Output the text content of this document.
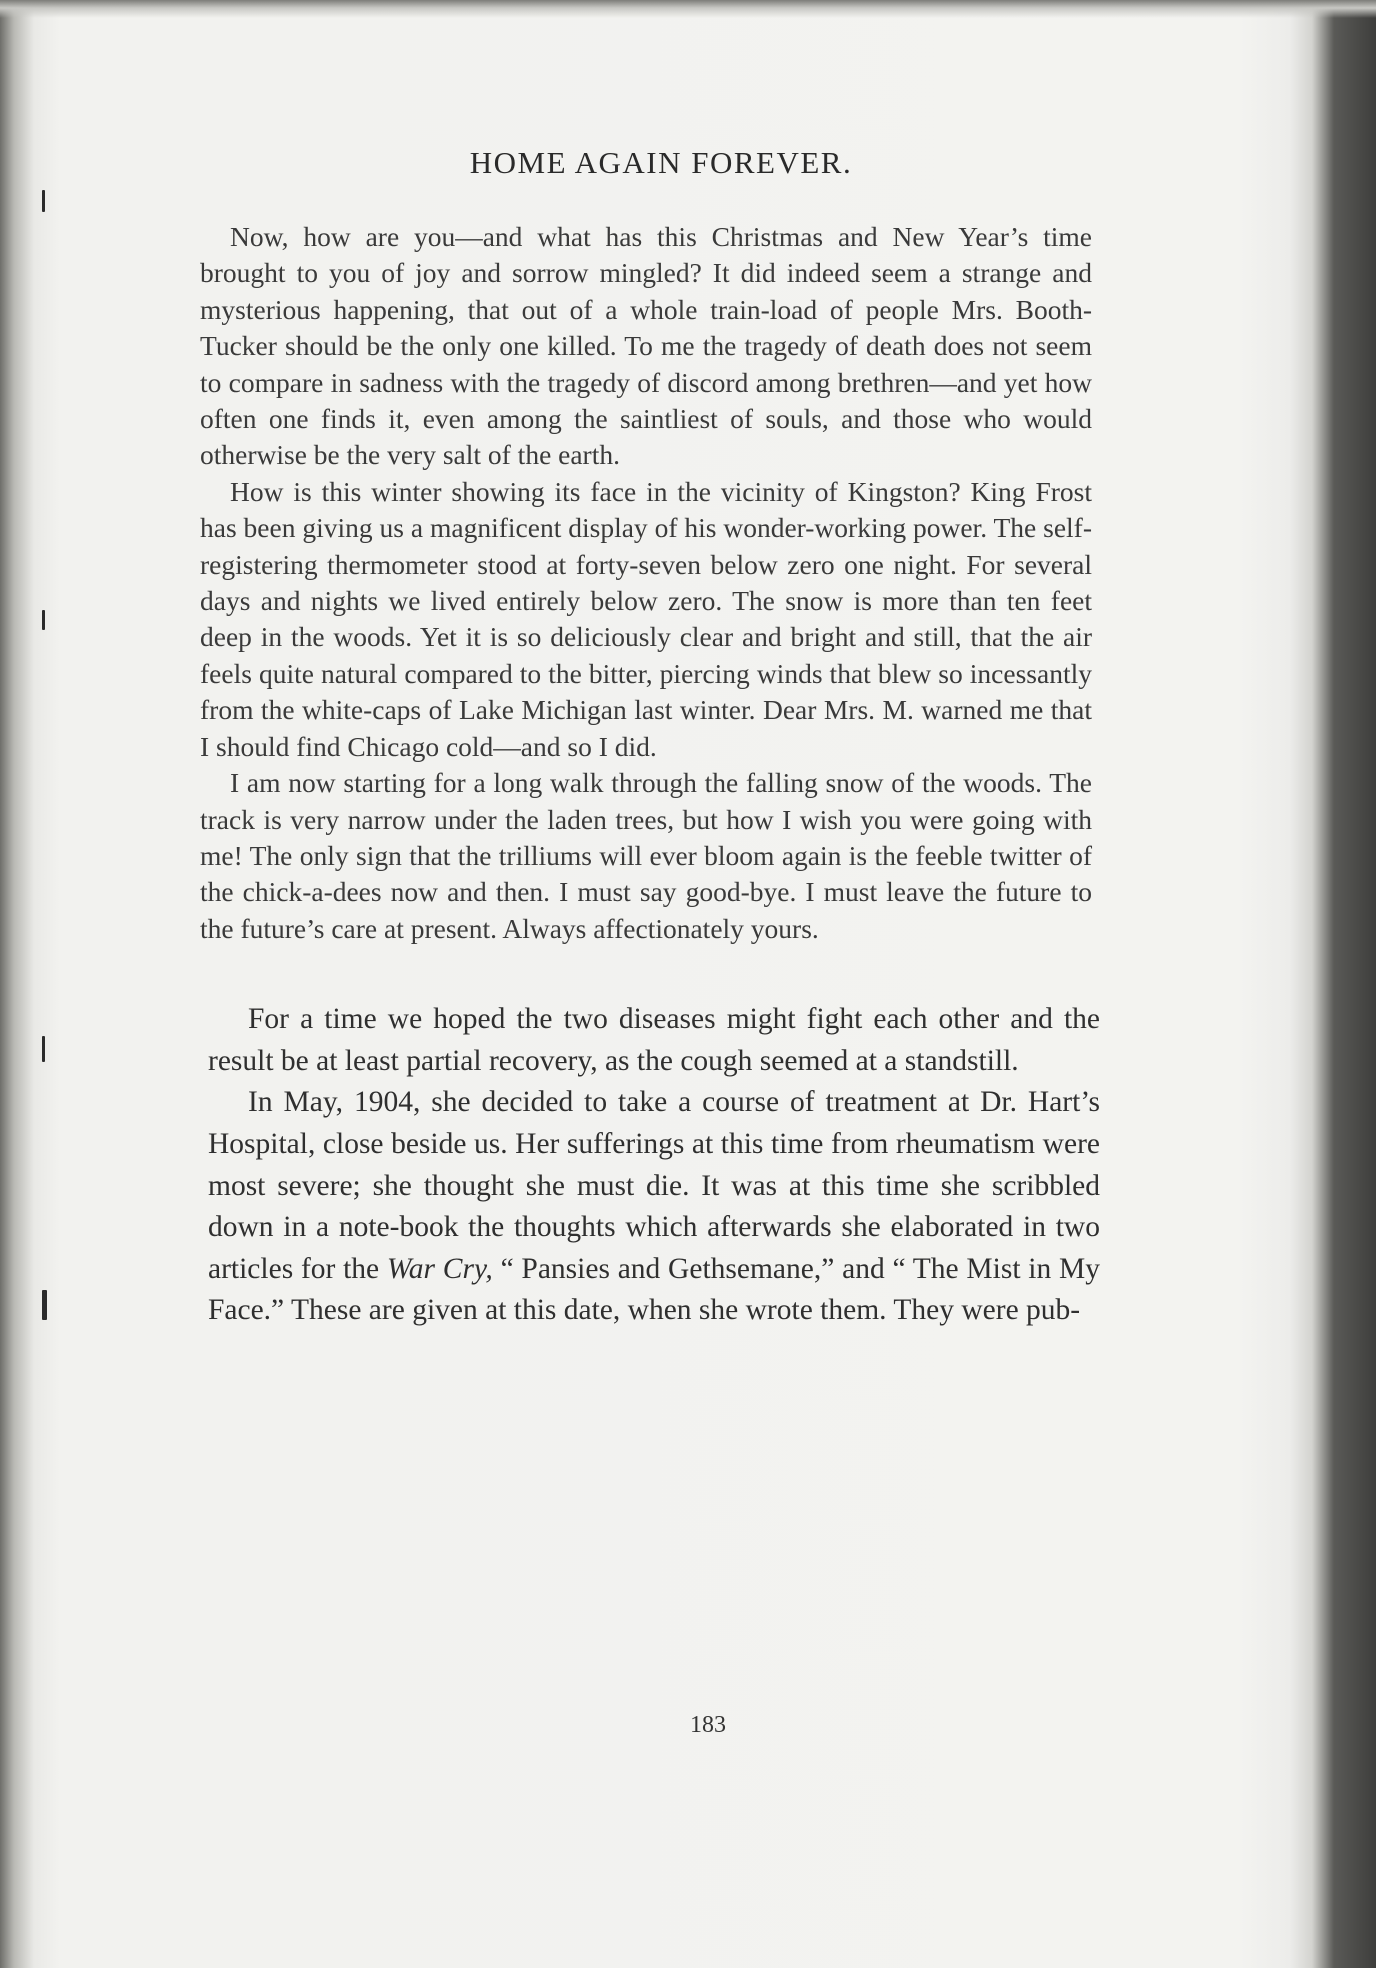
HOME AGAIN FOREVER.

Now, how are you—and what has this Christmas and New Year’s time brought to you of joy and sorrow mingled? It did indeed seem a strange and mysterious happening, that out of a whole train-load of people Mrs. Booth-Tucker should be the only one killed. To me the tragedy of death does not seem to compare in sadness with the tragedy of discord among brethren—and yet how often one finds it, even among the saintliest of souls, and those who would otherwise be the very salt of the earth.

How is this winter showing its face in the vicinity of Kingston? King Frost has been giving us a magnificent display of his wonder-working power. The self-registering thermometer stood at forty-seven below zero one night. For several days and nights we lived entirely below zero. The snow is more than ten feet deep in the woods. Yet it is so deliciously clear and bright and still, that the air feels quite natural compared to the bitter, piercing winds that blew so incessantly from the white-caps of Lake Michigan last winter. Dear Mrs. M. warned me that I should find Chicago cold—and so I did.

I am now starting for a long walk through the falling snow of the woods. The track is very narrow under the laden trees, but how I wish you were going with me! The only sign that the trilliums will ever bloom again is the feeble twitter of the chick-a-dees now and then. I must say good-bye. I must leave the future to the future’s care at present. Always affectionately yours.

For a time we hoped the two diseases might fight each other and the result be at least partial recovery, as the cough seemed at a standstill.

In May, 1904, she decided to take a course of treatment at Dr. Hart’s Hospital, close beside us. Her sufferings at this time from rheumatism were most severe; she thought she must die. It was at this time she scribbled down in a note-book the thoughts which afterwards she elaborated in two articles for the War Cry, “ Pansies and Gethsemane,” and “ The Mist in My Face.” These are given at this date, when she wrote them. They were pub-

183
